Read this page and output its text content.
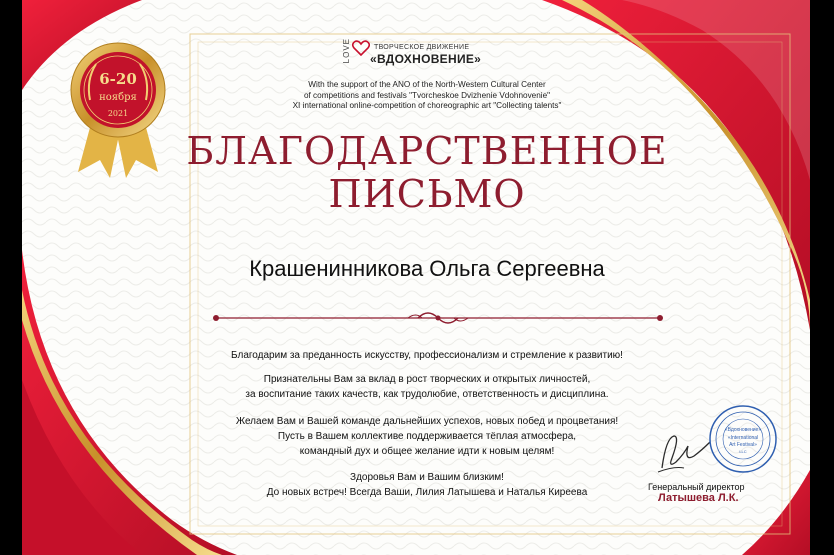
6-20
ноября
2021
LOVE	ТВОРЧЕСКОЕ ДВИЖЕНИЕ
«ВДОХНОВЕНИЕ»
With the support of the ANO of the North-Western Cultural Center
of competitions and festivals "Tvorcheskoe Dvizhenie Vdohnovenie"
XI international online-competition of choreographic art "Collecting talents"
БЛАГОДАРСТВЕННОЕ
ПИСЬМО
Крашенинникова Ольга Сергеевна
Благодарим за преданность искусству, профессионализм и стремление к развитию!
Признательны Вам за вклад в рост творческих и открытых личностей,
за воспитание таких качеств, как трудолюбие, ответственность и дисциплина.
Желаем Вам и Вашей команде дальнейших успехов, новых побед и процветания!
Пусть в Вашем коллективе поддерживается тёплая атмосфера,
командный дух и общее желание идти к новым целям!
Здоровья Вам и Вашим близким!
До новых встреч! Всегда Ваши, Лилия Латышева и Наталья Киреева
«Вдохновение»
«International
Art Festival»
LLC
Генеральный директор
Латышева Л.К.
